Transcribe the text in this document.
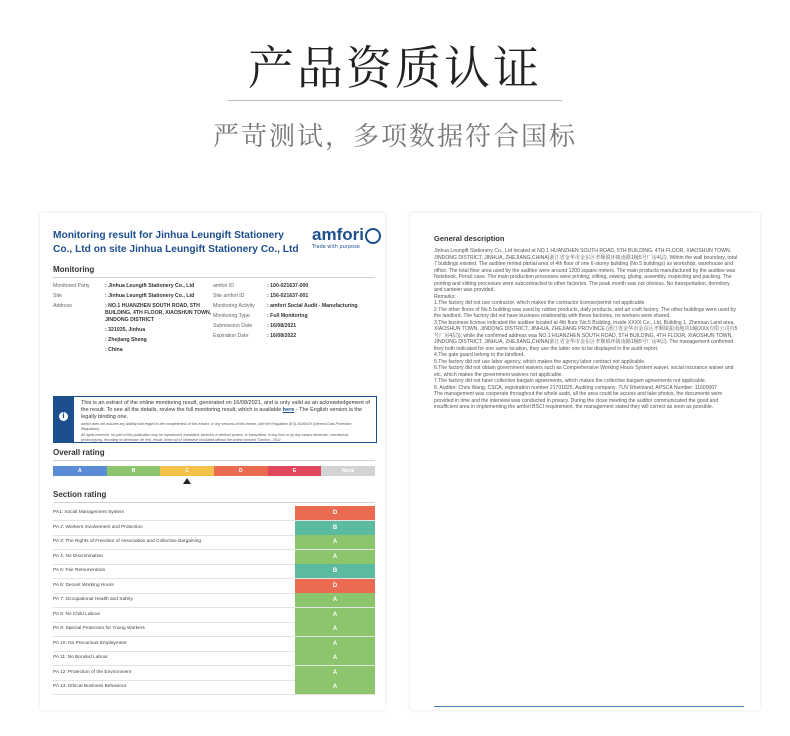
产品资质认证
严苛测试，多项数据符合国标
Monitoring result for Jinhua Leungift Stationery Co., Ltd on site Jinhua Leungift Stationery Co., Ltd
amfori
Trade with purpose
Monitoring
Monitored Party	: Jinhua Leungift Stationery Co., Ltd
Site	: Jinhua Leungift Stationery Co., Ltd
Address	: NO.1 HUANZHEN SOUTH ROAD, 5TH BUILDING, 4TH FLOOR, XIAOSHUN TOWN, JINDONG DISTRICT
: 321035, Jinhua
: Zhejiang Sheng
: China
amfori ID	: 100-021637-000
Site amfori ID	: 156-021637-001
Monitoring Activity : amfori Social Audit - Manufacturing
Monitoring Type	: Full Monitoring
Submission Date	: 16/08/2021
Expiration Date	: 16/08/2022
i
This is an extract of the online monitoring result, generated on 16/08/2021, and is only valid as an acknowledgement of the result. To see all the details, review the full monitoring result, which is available here - The English version is the legally binding one.
amfori does not assume any liability with regard to the completeness of this extract, or any versions of this extract, with the Regulation (EU) 2016/679 (General Data Protection Regulation).
All rights reserved. No part of this publication may be reproduced, translated, stored in a retrieval system, or transmitted, in any form or by any means electronic, mechanical, photocopying, recording or otherwise, be lent, resold, hired out or otherwise circulated without the amfori consent. ©amfori - 2021
Overall rating
A	B	C	D	E	None
Section rating
PA1: Social Management System	D
PA 2: Workers Involvement and Protection	B
PA 3: The Rights of Freedom of Association and Collective Bargaining	A
PA 4: No Discrimination	A
PA 5: Fair Remuneration	B
PA 6: Decent Working Hours	D
PA 7: Occupational Health and Safety	A
PA 8: No Child Labour	A
PA 9: Special Protection for Young Workers	A
PA 10: No Precarious Employment	A
PA 11: No Bonded Labour	A
PA 12: Protection of the Environment	A
PA 13: Ethical Business Behaviour	A
General description

Jinhua Leungift Stationery Co., Ltd located at NO.1 HUANZHEN SOUTH ROAD, 5TH BUILDING, 4TH FLOOR, XIAOSHUN TOWN, JINDONG DISTRICT, JINHUA, ZHEJIANG,CHINA(浙江省金华市金东区孝顺镇环镇南路1幢5号厂房4层). Within the wall boundary, total 7 buildings existed. The auditee rented partial area of 4th floor of one 6-storey building (No.5 buildings) as workshop, warehouse and office. The total floor area used by the auditee were around 1200 square meters. The main products manufactured by the auditee was Notebook, Pencil case. The main production processes were printing, slitting, sewing, gluing, assembly, inspecting and packing. The printing and slitting processes were subcontracted to other factories. The peak month was not obvious. No transportation, dormitory and canteen was provided.

Remarks:

1.The factory did not use contractor, which makes the contractor license/permit not applicable.

2.The other floors of No.5 building was used by rubber products, daily products, and art craft factory. The other buildings were used by the landlord. The factory did not have business relationship with these factories, no workers were shared.

3.The business license indicated the auditee located at 4th floor, No.5 Building, inside XXXX Co., Ltd. Building 1, Zhennan Land area, XIAOSHUN TOWN, JINDONG DISTRICT, JINHUA, ZHEJIANG PROVINCE (浙江省金华市金东区孝顺镇振南地块1幢(XXX有限公司内5号厂房4层)), while the confirmed address was NO.1 HUANZHEN SOUTH ROAD, 5TH BUILDING, 4TH FLOOR, XIAOSHUN TOWN, JINDONG DISTRICT, JINHUA, ZHEJIANG,CHINA(浙江省金华市金东区孝顺镇环镇南路1幢5号厂房4层). The management confirmed they both indicated for one same location, they use the latter one to be displayed in the audit report.

4.The gate guard belong to the landlord.

5.The factory did not use labor agency, which makes the agency labor contract not applicable.

6.The factory did not obtain government waivers such as Comprehensive Working Hours System waiver, social insurance waiver and etc, which makes the government waivers not applicable.

7.The factory did not have collective bargain agreements, which makes the collective bargain agreements not applicable.

8. Auditor: Chris Wang, CSCA, registration number 21701825. Auditing company: TUV Rheinland, APSCA Number: 11600007

The management was cooperate throughout the whole audit, all the area could be access and take photos, the documents were provided in time and the interview was conducted in privacy. During the close meeting the auditor communicated the good and insufficient area in implementing the amfori BSCI requirement, the management stated they will correct as soon as possible.
